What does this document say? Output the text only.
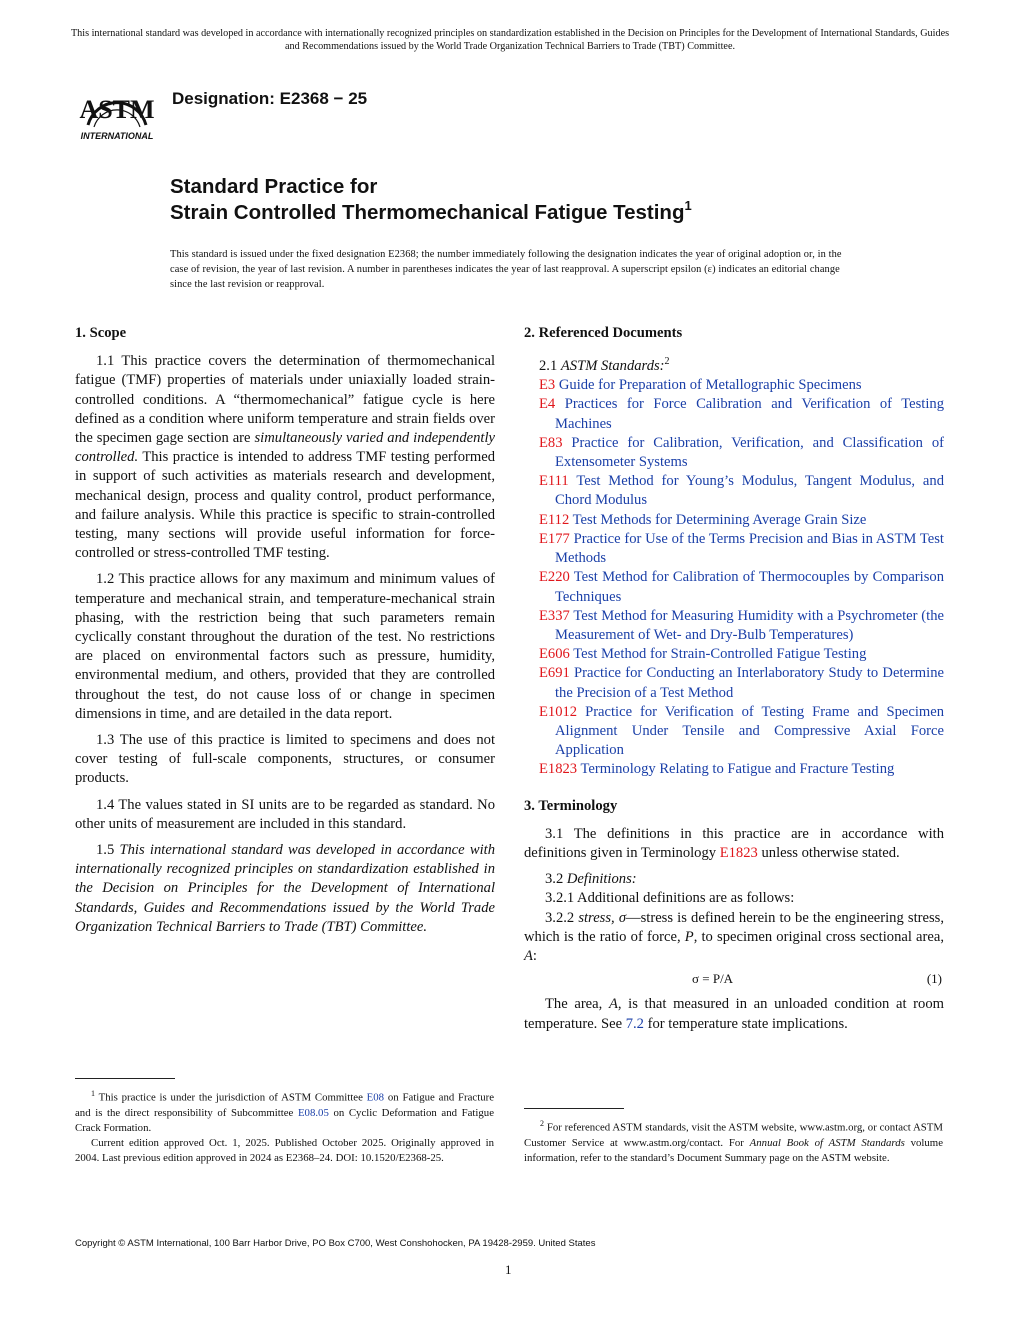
This international standard was developed in accordance with internationally recognized principles on standardization established in the Decision on Principles for the Development of International Standards, Guides and Recommendations issued by the World Trade Organization Technical Barriers to Trade (TBT) Committee.
ASTM
INTERNATIONAL
Designation: E2368 − 25
Standard Practice for
Strain Controlled Thermomechanical Fatigue Testing$^1$
This standard is issued under the fixed designation E2368; the number immediately following the designation indicates the year of original adoption or, in the case of revision, the year of last revision. A number in parentheses indicates the year of last reapproval. A superscript epsilon (ε) indicates an editorial change since the last revision or reapproval.
1. Scope

1.1 This practice covers the determination of thermomechanical fatigue (TMF) properties of materials under uniaxially loaded strain-controlled conditions. A “thermomechanical” fatigue cycle is here defined as a condition where uniform temperature and strain fields over the specimen gage section are simultaneously varied and independently controlled. This practice is intended to address TMF testing performed in support of such activities as materials research and development, mechanical design, process and quality control, product performance, and failure analysis. While this practice is specific to strain-controlled testing, many sections will provide useful information for force-controlled or stress-controlled TMF testing.

1.2 This practice allows for any maximum and minimum values of temperature and mechanical strain, and temperature-mechanical strain phasing, with the restriction being that such parameters remain cyclically constant throughout the duration of the test. No restrictions are placed on environmental factors such as pressure, humidity, environmental medium, and others, provided that they are controlled throughout the test, do not cause loss of or change in specimen dimensions in time, and are detailed in the data report.

1.3 The use of this practice is limited to specimens and does not cover testing of full-scale components, structures, or consumer products.

1.4 The values stated in SI units are to be regarded as standard. No other units of measurement are included in this standard.

1.5 This international standard was developed in accordance with internationally recognized principles on standardization established in the Decision on Principles for the Development of International Standards, Guides and Recommendations issued by the World Trade Organization Technical Barriers to Trade (TBT) Committee.

2. Referenced Documents

2.1 ASTM Standards:$^2$

E3 Guide for Preparation of Metallographic Specimens
E4 Practices for Force Calibration and Verification of Testing Machines
E83 Practice for Calibration, Verification, and Classification of Extensometer Systems
E111 Test Method for Young’s Modulus, Tangent Modulus, and Chord Modulus
E112 Test Methods for Determining Average Grain Size
E177 Practice for Use of the Terms Precision and Bias in ASTM Test Methods
E220 Test Method for Calibration of Thermocouples by Comparison Techniques
E337 Test Method for Measuring Humidity with a Psychrometer (the Measurement of Wet- and Dry-Bulb Temperatures)
E606 Test Method for Strain-Controlled Fatigue Testing
E691 Practice for Conducting an Interlaboratory Study to Determine the Precision of a Test Method
E1012 Practice for Verification of Testing Frame and Specimen Alignment Under Tensile and Compressive Axial Force Application
E1823 Terminology Relating to Fatigue and Fracture Testing
3. Terminology

3.1 The definitions in this practice are in accordance with definitions given in Terminology E1823 unless otherwise stated.

3.2 Definitions:

3.2.1 Additional definitions are as follows:

3.2.2 stress, σ—stress is defined herein to be the engineering stress, which is the ratio of force, P, to specimen original cross sectional area, A:

σ = P/A	(1)

The area, A, is that measured in an unloaded condition at room temperature. See 7.2 for temperature state implications.

$^1$ This practice is under the jurisdiction of ASTM Committee E08 on Fatigue and Fracture and is the direct responsibility of Subcommittee E08.05 on Cyclic Deformation and Fatigue Crack Formation.
Current edition approved Oct. 1, 2025. Published October 2025. Originally approved in 2004. Last previous edition approved in 2024 as E2368–24. DOI: 10.1520/E2368-25.
$^2$ For referenced ASTM standards, visit the ASTM website, www.astm.org, or contact ASTM Customer Service at www.astm.org/contact. For Annual Book of ASTM Standards volume information, refer to the standard’s Document Summary page on the ASTM website.
Copyright © ASTM International, 100 Barr Harbor Drive, PO Box C700, West Conshohocken, PA 19428-2959. United States
1
